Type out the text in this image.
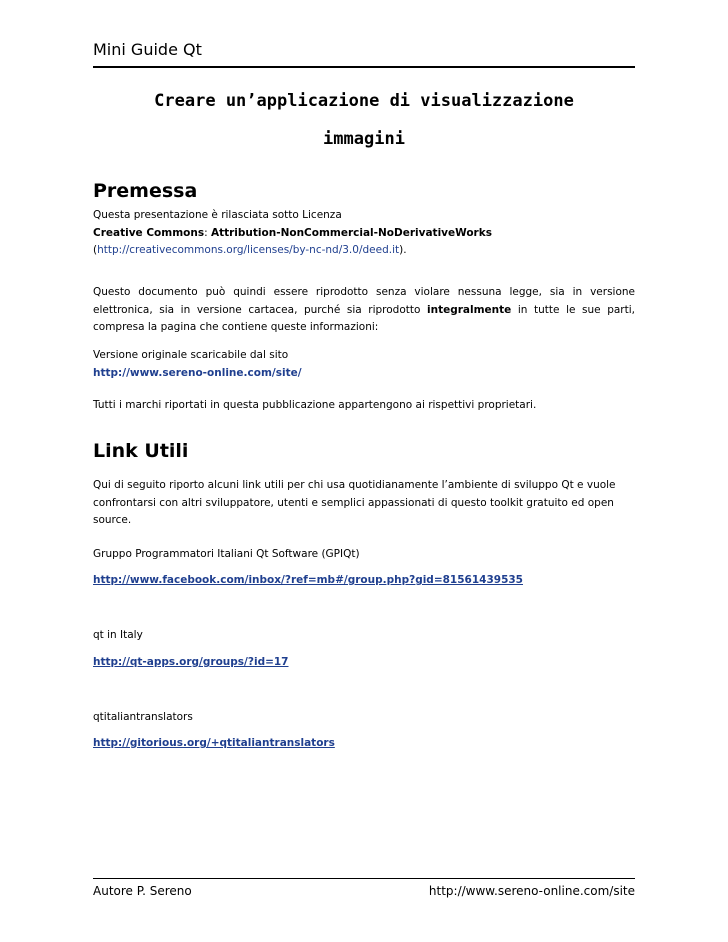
Mini Guide Qt
Creare un’applicazione di visualizzazione
immagini
Premessa
Questa presentazione è rilasciata sotto Licenza
Creative Commons: Attribution-NonCommercial-NoDerivativeWorks
(http://creativecommons.org/licenses/by-nc-nd/3.0/deed.it).
Questo documento può quindi essere riprodotto senza violare nessuna legge, sia in versione elettronica, sia in versione cartacea, purché sia riprodotto integralmente in tutte le sue parti, compresa la pagina che contiene queste informazioni:
Versione originale scaricabile dal sito
http://www.sereno-online.com/site/
Tutti i marchi riportati in questa pubblicazione appartengono ai rispettivi proprietari.
Link Utili
Qui di seguito riporto alcuni link utili per chi usa quotidianamente l’ambiente di sviluppo Qt e vuole confrontarsi con altri sviluppatore, utenti e semplici appassionati di questo toolkit gratuito ed open source.
Gruppo Programmatori Italiani Qt Software (GPIQt)
http://www.facebook.com/inbox/?ref=mb#/group.php?gid=81561439535
qt in Italy
http://qt-apps.org/groups/?id=17
qtitaliantranslators
http://gitorious.org/+qtitaliantranslators
Autore P. Sereno	http://www.sereno-online.com/site
